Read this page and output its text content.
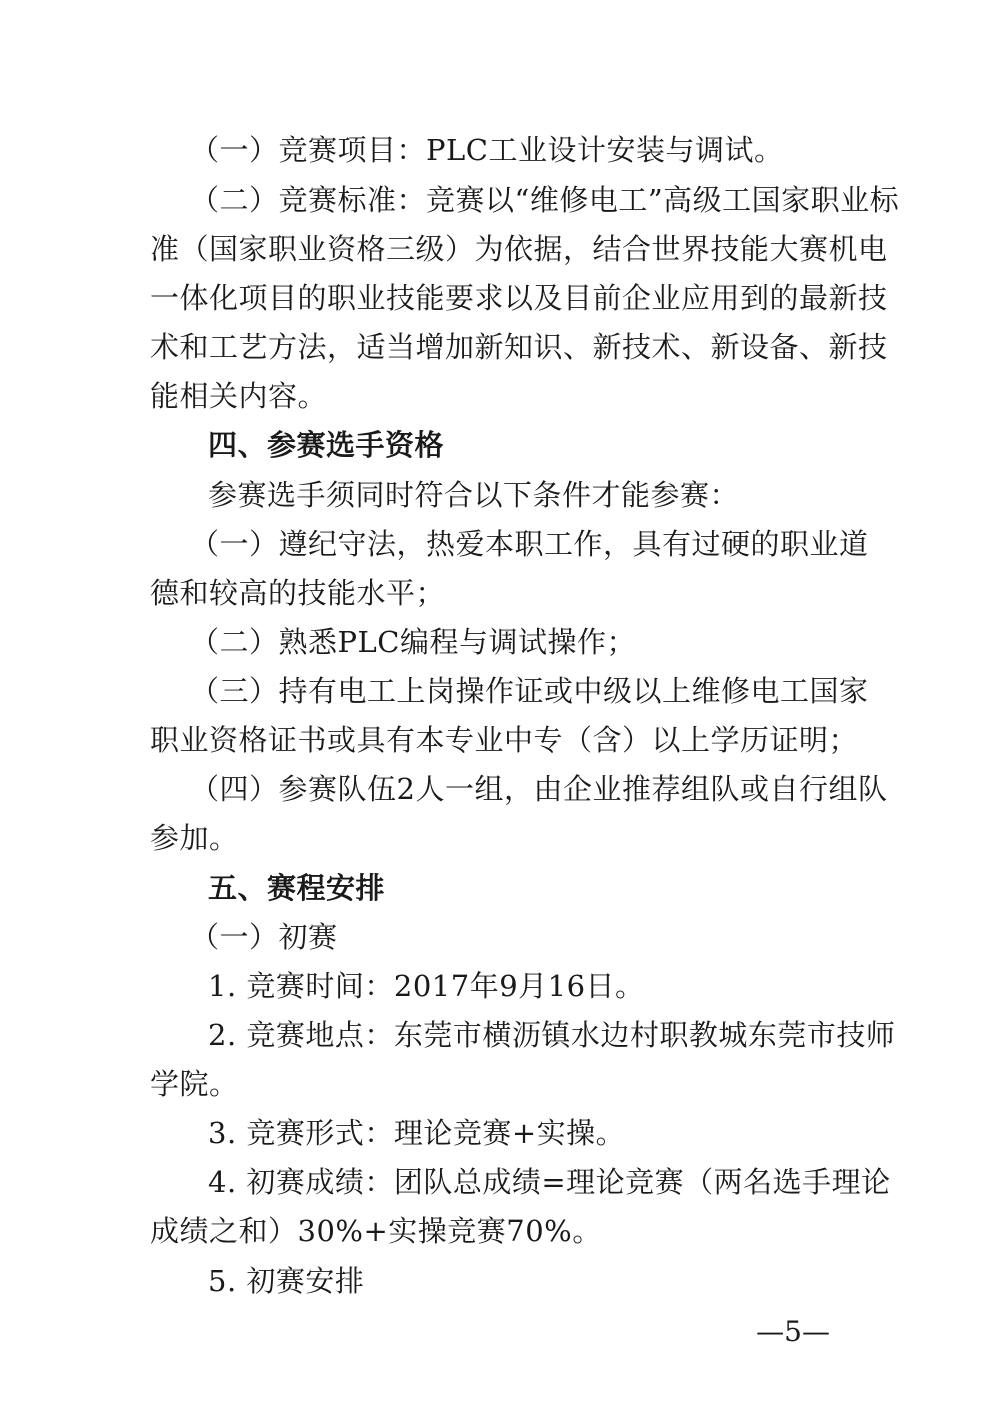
（一）竞赛项目：PLC工业设计安装与调试。
（二）竞赛标准：竞赛以“维修电工”高级工国家职业标
准（国家职业资格三级）为依据，结合世界技能大赛机电
一体化项目的职业技能要求以及目前企业应用到的最新技
术和工艺方法，适当增加新知识、新技术、新设备、新技
能相关内容。
四、参赛选手资格
参赛选手须同时符合以下条件才能参赛：
（一）遵纪守法，热爱本职工作，具有过硬的职业道
德和较高的技能水平；
（二）熟悉PLC编程与调试操作；
（三）持有电工上岗操作证或中级以上维修电工国家
职业资格证书或具有本专业中专（含）以上学历证明；
（四）参赛队伍2人一组，由企业推荐组队或自行组队
参加。
五、赛程安排
（一）初赛
1. 竞赛时间：2017年9月16日。
2. 竞赛地点：东莞市横沥镇水边村职教城东莞市技师
学院。
3. 竞赛形式：理论竞赛+实操。
4. 初赛成绩：团队总成绩=理论竞赛（两名选手理论
成绩之和）30%+实操竞赛70%。
5. 初赛安排
—5—
